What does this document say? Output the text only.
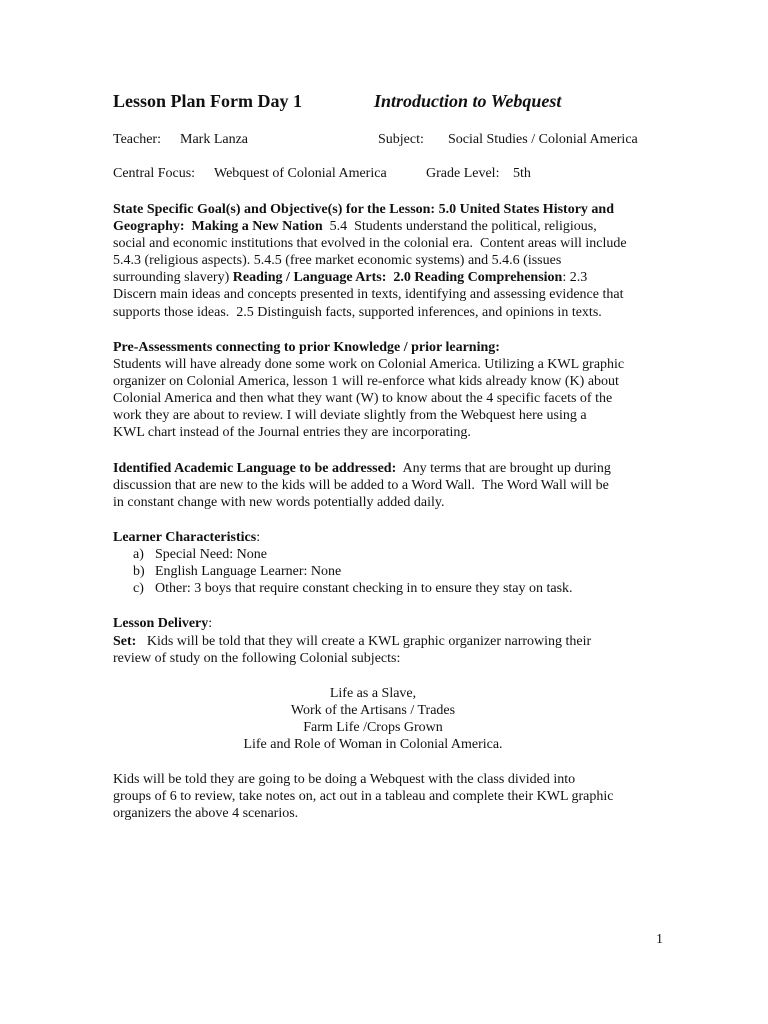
Lesson Plan Form Day 1	Introduction to Webquest
Teacher: Mark Lanza	Subject: Social Studies / Colonial America
Central Focus: Webquest of Colonial America	Grade Level: 5th
State Specific Goal(s) and Objective(s) for the Lesson: 5.0 United States History and
Geography:  Making a New Nation  5.4  Students understand the political, religious,
social and economic institutions that evolved in the colonial era.  Content areas will include
5.4.3 (religious aspects). 5.4.5 (free market economic systems) and 5.4.6 (issues
surrounding slavery) Reading / Language Arts:  2.0 Reading Comprehension: 2.3
Discern main ideas and concepts presented in texts, identifying and assessing evidence that
supports those ideas.  2.5 Distinguish facts, supported inferences, and opinions in texts.
Pre-Assessments connecting to prior Knowledge / prior learning:
Students will have already done some work on Colonial America. Utilizing a KWL graphic
organizer on Colonial America, lesson 1 will re-enforce what kids already know (K) about
Colonial America and then what they want (W) to know about the 4 specific facets of the
work they are about to review. I will deviate slightly from the Webquest here using a
KWL chart instead of the Journal entries they are incorporating.
Identified Academic Language to be addressed:  Any terms that are brought up during
discussion that are new to the kids will be added to a Word Wall.  The Word Wall will be
in constant change with new words potentially added daily.
Learner Characteristics:
a) Special Need: None
b) English Language Learner: None
c) Other: 3 boys that require constant checking in to ensure they stay on task.
Lesson Delivery:
Set:   Kids will be told that they will create a KWL graphic organizer narrowing their
review of study on the following Colonial subjects:
Life as a Slave,
Work of the Artisans / Trades
Farm Life /Crops Grown
Life and Role of Woman in Colonial America.
Kids will be told they are going to be doing a Webquest with the class divided into
groups of 6 to review, take notes on, act out in a tableau and complete their KWL graphic
organizers the above 4 scenarios.
1
